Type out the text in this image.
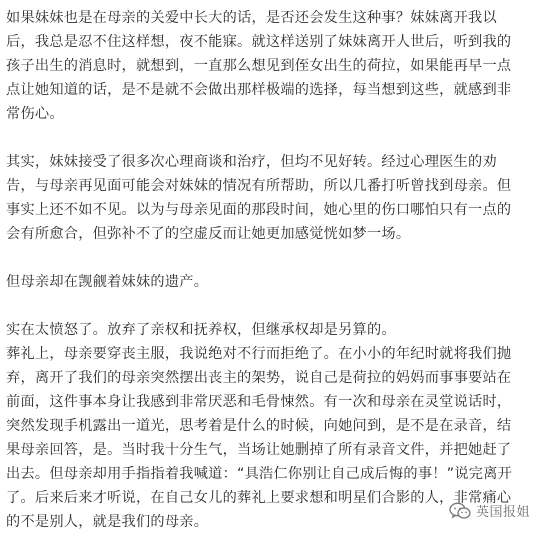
如果妹妹也是在母亲的关爱中长大的话，是否还会发生这种事？妹妹离开我以
后，我总是忍不住这样想，夜不能寐。就这样送别了妹妹离开人世后，听到我的
孩子出生的消息时，就想到，一直那么想见到侄女出生的荷拉，如果能再早一点
点让她知道的话，是不是就不会做出那样极端的选择，每当想到这些，就感到非
常伤心。
其实，妹妹接受了很多次心理商谈和治疗，但均不见好转。经过心理医生的劝
告，与母亲再见面可能会对妹妹的情况有所帮助，所以几番打听曾找到母亲。但
事实上还不如不见。以为与母亲见面的那段时间，她心里的伤口哪怕只有一点的
会有所愈合，但弥补不了的空虚反而让她更加感觉恍如梦一场。
但母亲却在觊觎着妹妹的遗产。
实在太愤怒了。放弃了亲权和抚养权，但继承权却是另算的。
葬礼上，母亲要穿丧主服，我说绝对不行而拒绝了。在小小的年纪时就将我们抛
弃，离开了我们的母亲突然摆出丧主的架势，说自己是荷拉的妈妈而事事要站在
前面，这件事本身让我感到非常厌恶和毛骨悚然。有一次和母亲在灵堂说话时，
突然发现手机露出一道光，思考着是什么的时候，向她问到，是不是在录音，结
果母亲回答，是。当时我十分生气，当场让她删掉了所有录音文件，并把她赶了
出去。但母亲却用手指指着我喊道：“具浩仁你别让自己成后悔的事！”说完离开
了。后来后来才听说，在自己女儿的葬礼上要求想和明星们合影的人，非常痛心
的不是别人，就是我们的母亲。
英国报姐
